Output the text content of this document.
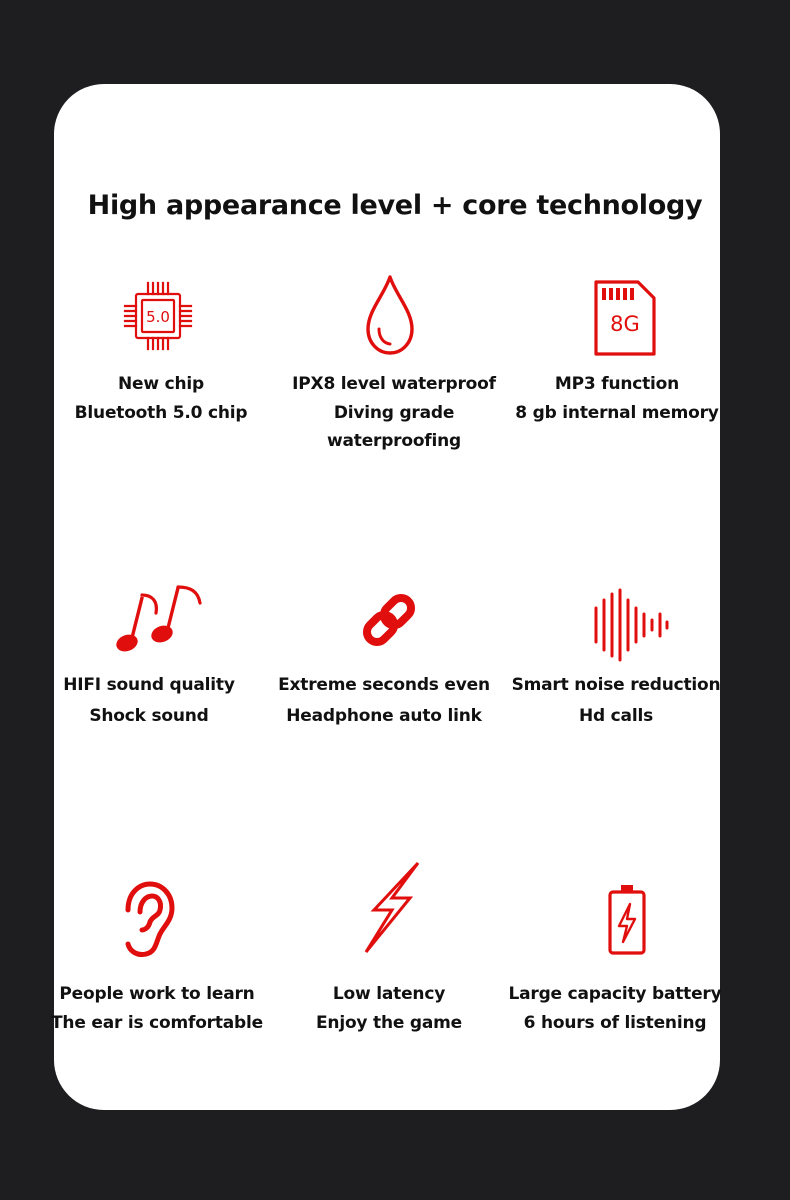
High appearance level + core technology
5.0	8G
New chip
Bluetooth 5.0 chip
IPX8 level waterproof
Diving grade
waterproofing
MP3 function
8 gb internal memory
HIFI sound quality
Shock sound
Extreme seconds even
Headphone auto link
Smart noise reduction
Hd calls
People work to learn
The ear is comfortable
Low latency
Enjoy the game
Large capacity battery
6 hours of listening
